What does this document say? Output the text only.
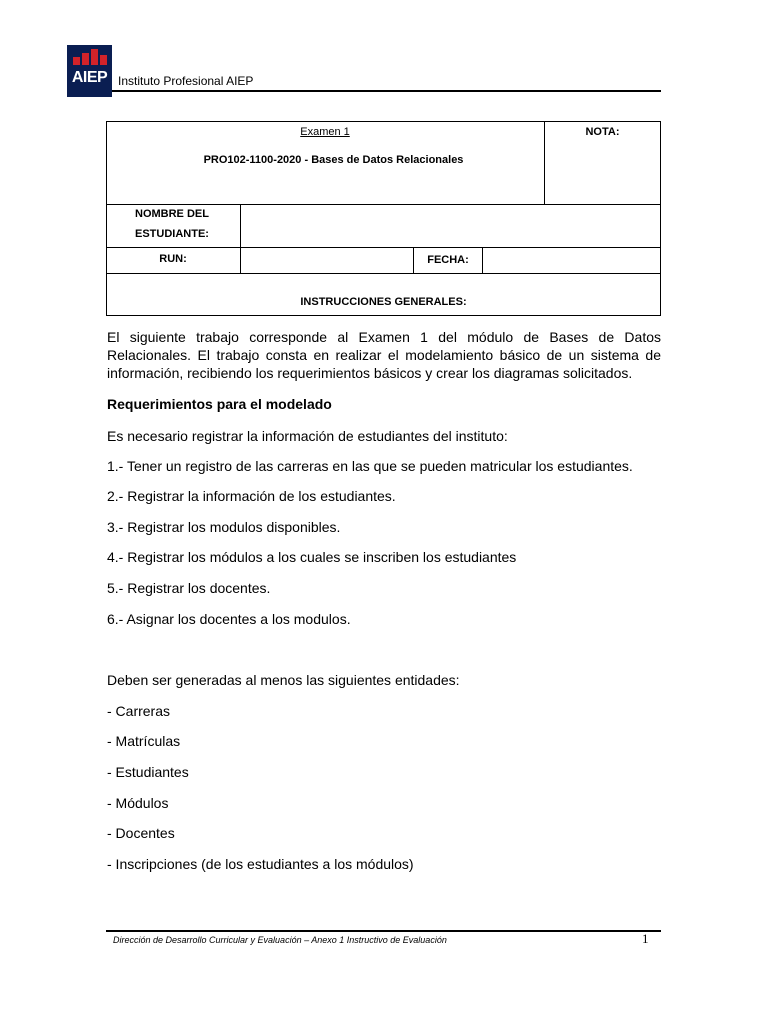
AIEP Instituto Profesional AIEP
Examen 1
PRO102-1100-2020 - Bases de Datos Relacionales
NOTA:
NOMBRE DEL
ESTUDIANTE:
RUN:	FECHA:
INSTRUCCIONES GENERALES:
El siguiente trabajo corresponde al Examen 1 del módulo de Bases de Datos Relacionales. El trabajo consta en realizar el modelamiento básico de un sistema de información, recibiendo los requerimientos básicos y crear los diagramas solicitados.
Requerimientos para el modelado
Es necesario registrar la información de estudiantes del instituto:
1.- Tener un registro de las carreras en las que se pueden matricular los estudiantes.
2.- Registrar la información de los estudiantes.
3.- Registrar los modulos disponibles.
4.- Registrar los módulos a los cuales se inscriben los estudiantes
5.- Registrar los docentes.
6.- Asignar los docentes a los modulos.
Deben ser generadas al menos las siguientes entidades:
- Carreras
- Matrículas
- Estudiantes
- Módulos
- Docentes
- Inscripciones (de los estudiantes a los módulos)
Dirección de Desarrollo Curricular y Evaluación – Anexo 1 Instructivo de Evaluación	1
